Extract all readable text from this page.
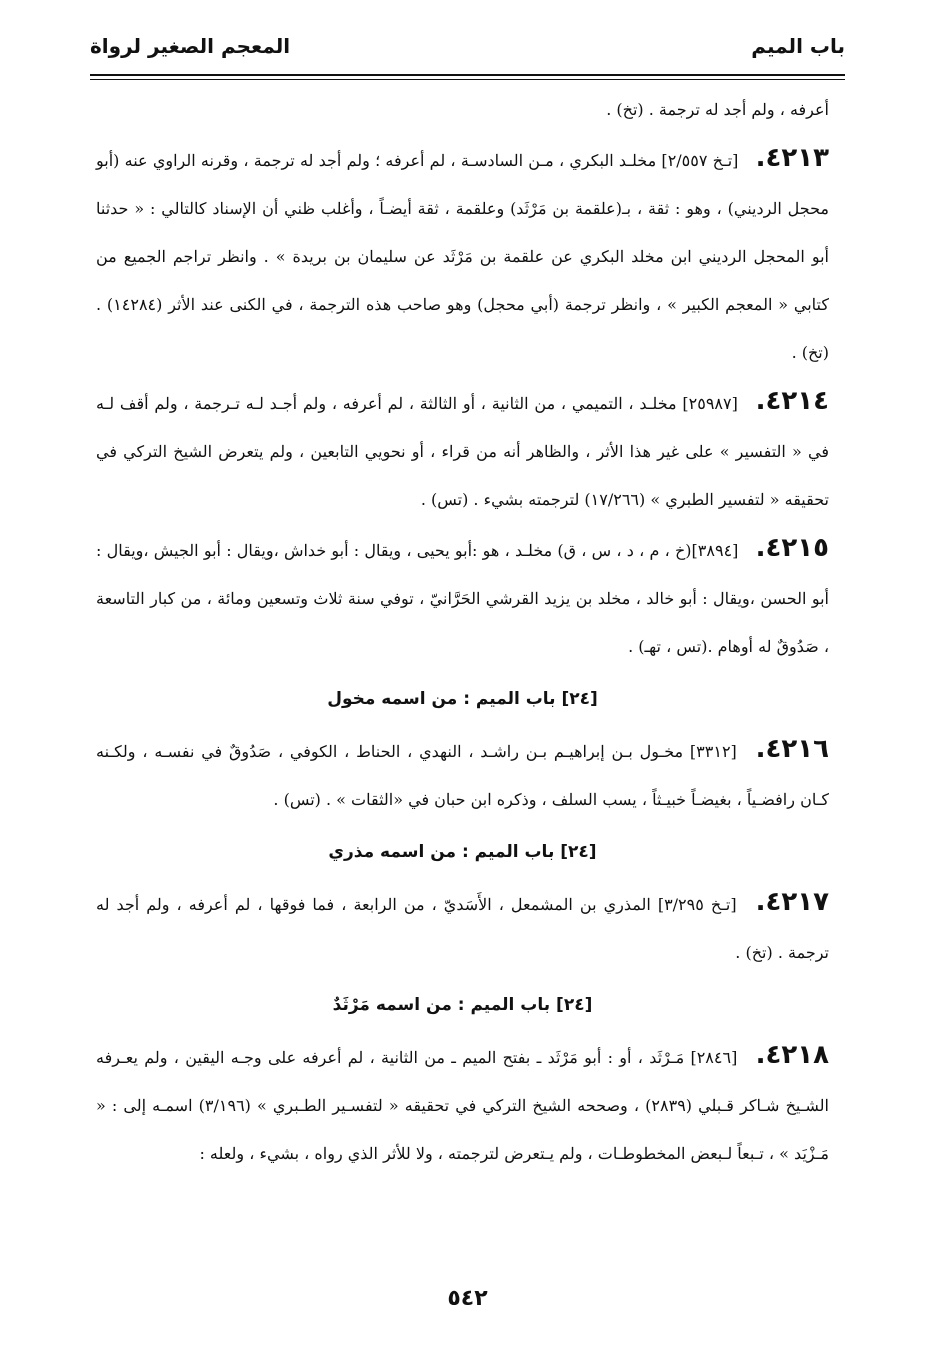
باب الميم
المعجم الصغير لرواة

أعرفه ، ولم أجد له ترجمة . (تخ) .

٤٢١٣. [تـخ ٢/٥٥٧] مخلـد البكري ، مـن السادسـة ، لم أعرفه ؛ ولم أجد له ترجمة ، وقرنه الراوي عنه (أبو محجل الرديني) ، وهو : ثقة ، بـ(علقمة بن مَرْثَد) وعلقمة ، ثقة أيضـاً ، وأغلب ظني أن الإسناد كالتالي : « حدثنا أبو المحجل الرديني ابن مخلد البكري عن علقمة بن مَرْثَد عن سليمان بن بريدة » . وانظر تراجم الجميع من كتابي « المعجم الكبير » ، وانظر ترجمة (أبي محجل) وهو صاحب هذه الترجمة ، في الكنى عند الأثر (١٤٢٨٤) . (تخ) .

٤٢١٤. [٢٥٩٨٧] مخلـد ، التميمي ، من الثانية ، أو الثالثة ، لم أعرفه ، ولم أجـد لـه تـرجمة ، ولم أقف لـه في « التفسير » على غير هذا الأثر ، والظاهر أنه من قراء ، أو نحويي التابعين ، ولم يتعرض الشيخ التركي في تحقيقه « لتفسير الطبري » (١٧/٢٦٦) لترجمته بشيء . (تس) .

٤٢١٥. [٣٨٩٤](خ ، م ، د ، س ، ق) مخلـد ، هو :أبو يحيى ، ويقال : أبو خداش ،ويقال : أبو الجيش ،ويقال : أبو الحسن ،ويقال : أبو خالد ، مخلد بن يزيد القرشي الحَرَّانيّ ، توفي سنة ثلاث وتسعين ومائة ، من كبار التاسعة ، صَدُوقٌ له أوهام .(تس ، تهـ) .

[٢٤] باب الميم : من اسمه مخول

٤٢١٦. [٣٣١٢] مخـول بـن إبراهيـم بـن راشـد ، النهدي ، الحناط ، الكوفي ، صَدُوقٌ في نفسـه ، ولكـنه كـان رافضـياً ، بغيضـاً خبيـثاً ، يسب السلف ، وذكره ابن حبان في «الثقات » . (تس) .

[٢٤] باب الميم : من اسمه مذري

٤٢١٧. [تـخ ٣/٢٩٥] المذري بن المشمعل ، الأَسَديّ ، من الرابعة ، فما فوقها ، لم أعرفه ، ولم أجد له ترجمة . (تخ) .

[٢٤] باب الميم : من اسمه مَرْثَدٌ

٤٢١٨. [٢٨٤٦] مَـرْثَد ، أو : أبو مَرْثَد ـ بفتح الميم ـ من الثانية ، لم أعرفه على وجـه اليقين ، ولم يعـرفه الشـيخ شـاكر قـبلي (٢٨٣٩) ، وصححه الشيخ التركي في تحقيقه « لتفسـير الطـبري » (٣/١٩٦) اسمـه إلى : « مَـزْيَد » ، تـبعاً لـبعض المخطوطـات ، ولم يـتعرض لترجمته ، ولا للأثر الذي رواه ، بشيء ، ولعله :

٥٤٢
